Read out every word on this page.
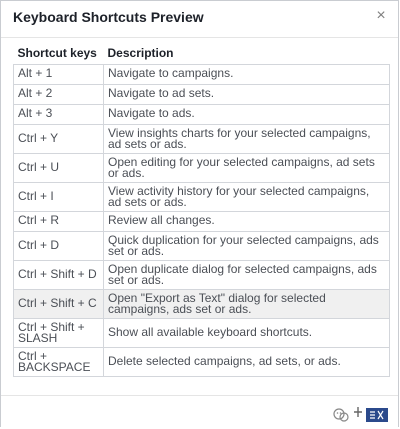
Keyboard Shortcuts Preview	×
Shortcut keys	Description
Alt + 1	Navigate to campaigns.
Alt + 2	Navigate to ad sets.
Alt + 3	Navigate to ads.
Ctrl + Y	View insights charts for your selected campaigns, ad sets or ads.
Ctrl + U	Open editing for your selected campaigns, ad sets or ads.
Ctrl + I	View activity history for your selected campaigns, ad sets or ads.
Ctrl + R	Review all changes.
Ctrl + D	Quick duplication for your selected campaigns, ads set or ads.
Ctrl + Shift + D	Open duplicate dialog for selected campaigns, ads set or ads.
Ctrl + Shift + C	Open "Export as Text" dialog for selected campaigns, ads set or ads.
Ctrl + Shift + SLASH	Show all available keyboard shortcuts.
Ctrl + BACKSPACE	Delete selected campaigns, ad sets, or ads.
